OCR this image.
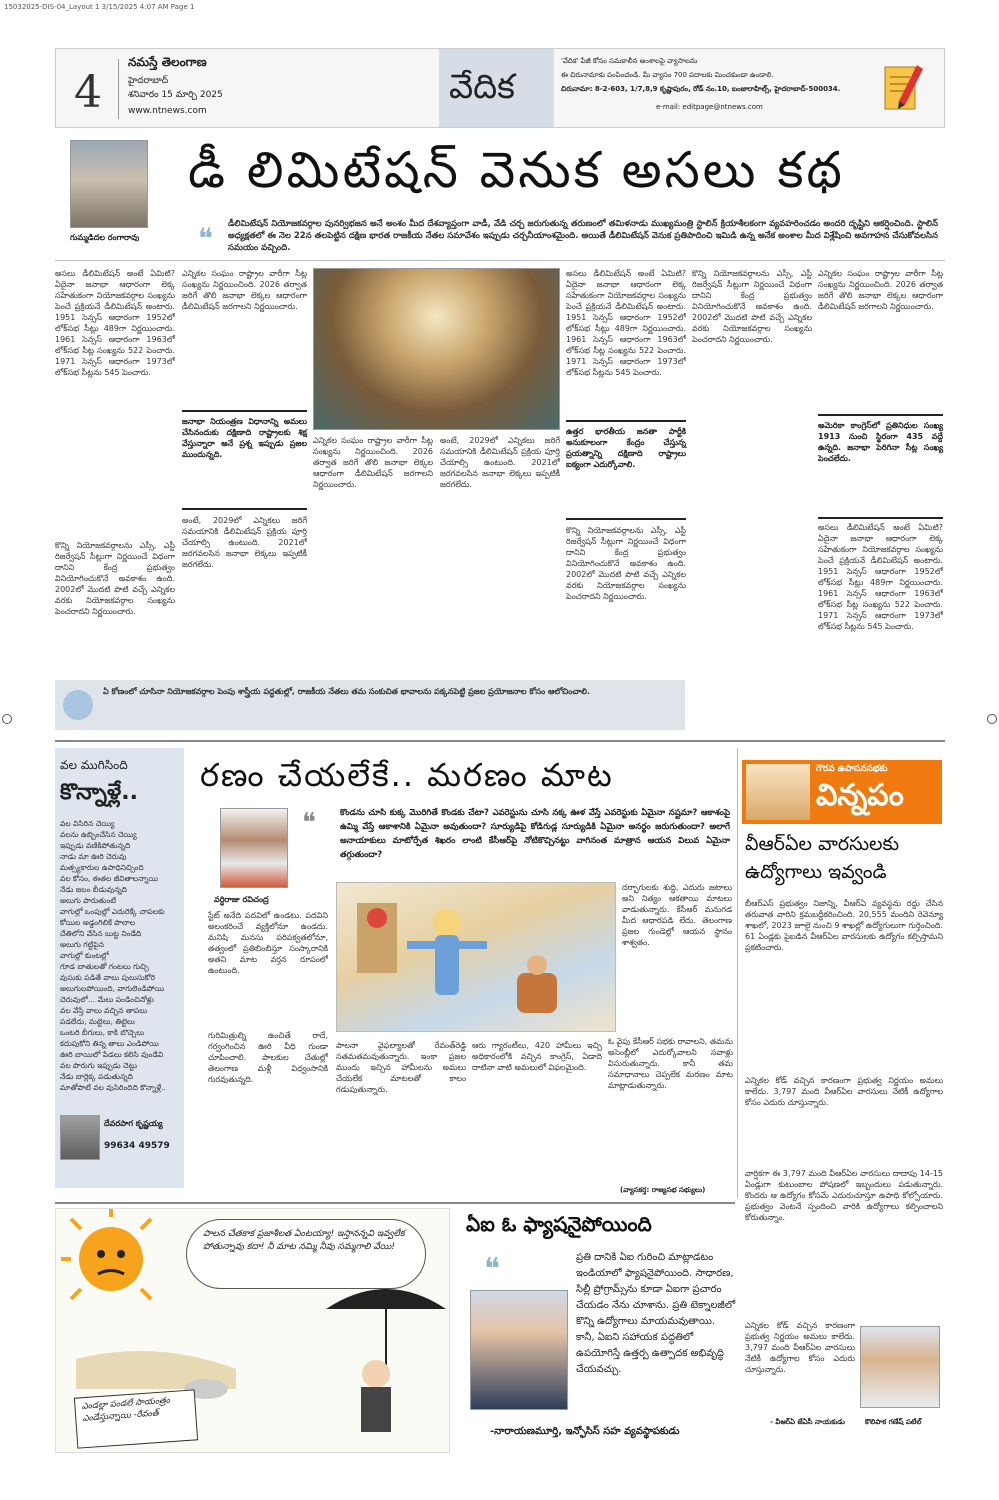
15032025-DIS-04_Layout 1 3/15/2025 4:07 AM Page 1
4
నమస్తే తెలంగాణ
హైదరాబాద్
శనివారం 15 మార్చి 2025
www.ntnews.com
వేదిక
'వేదిక' పేజీ కోసం సమకాలీన అంశాలపై వ్యాసాలను
ఈ చిరునామాకు పంపించండి. మీ వ్యాసం 700 పదాలకు మించకుండా ఉండాలి.
చిరునామా: 8-2-603, 1/7,8,9 కృష్ణాపురం, రోడ్ నం.10, బంజారాహిల్స్, హైదరాబాద్-500034.
e-mail: editpage@ntnews.com
గుమ్మడిదల రంగారావు
డీ లిమిటేషన్ వెనుక అసలు కథ
❝ డీలిమిటేషన్ నియోజకవర్గాల పునర్విభజన అనే అంశం మీద దేశవ్యాప్తంగా వాడీ, వేడి చర్చ జరుగుతున్న తరుణంలో తమిళనాడు ముఖ్యమంత్రి స్టాలిన్ క్రియాశీలకంగా వ్యవహరించడం అందరి దృష్టిని ఆకర్షించింది. స్టాలిన్ అధ్యక్షతలో ఈ నెల 22న తలపెట్టిన దక్షిణ భారత రాజకీయ నేతల సమావేశం ఇప్పుడు చర్చనీయాంశమైంది. అయితే డీలిమిటేషన్ వెనుక ప్రతిపాదించి ఇమిడి ఉన్న అనేక అంశాల మీద విశ్లేషించి అవగాహన చేసుకోవలసిన సమయం వచ్చింది.
అసలు డీలిమిటేషన్ అంటే ఏమిటి? ఏదైనా జనాభా ఆధారంగా లెక్క సహేతుకంగా నియోజకవర్గాల సంఖ్యను పెంచే ప్రక్రియనే డీలిమిటేషన్ అంటారు. 1951 సెన్సస్ ఆధారంగా 1952లో లోక్‌సభ సీట్లు 489గా నిర్ణయించారు. 1961 సెన్సస్ ఆధారంగా 1963లో లోక్‌సభ సీట్ల సంఖ్యను 522 పెంచారు. 1971 సెన్సస్ ఆధారంగా 1973లో లోక్‌సభ సీట్లను 545 పెంచారు.
కొన్ని నియోజకవర్గాలను ఎస్సీ, ఎస్టీ రిజర్వేషన్ సీట్లుగా నిర్ణయించే విధంగా దానిని కేంద్ర ప్రభుత్వం వినియోగించుకొనే అవకాశం ఉంది. 2002లో మొదటి పొటి వచ్చే ఎన్నికల వరకు నియోజకవర్గాల సంఖ్యను పెంచరాదని నిర్ణయించారు.
ఎన్నికల సంఘం రాష్ట్రాల వారీగా సీట్ల సంఖ్యను నిర్ణయించింది. 2026 తర్వాత జరిగే తొలి జనాభా లెక్కల ఆధారంగా డీలిమిటేషన్ జరగాలని నిర్ణయించారు.
జనాభా నియంత్రణ విధానాన్ని అమలు చేసినందుకు దక్షిణాది రాష్ట్రాలకు శిక్ష వేస్తున్నారా అనే ప్రశ్న ఇప్పుడు ప్రజల ముందున్నది.
అంటే, 2029లో ఎన్నికలు జరిగే సమయానికి డీలిమిటేషన్ ప్రక్రియ పూర్తి చేయాల్సి ఉంటుంది. 2021లో జరగవలసిన జనాభా లెక్కలు ఇప్పటికీ జరగలేదు.
ఎన్నికల సంఘం రాష్ట్రాల వారీగా సీట్ల సంఖ్యను నిర్ణయించింది. 2026 తర్వాత జరిగే తొలి జనాభా లెక్కల ఆధారంగా డీలిమిటేషన్ జరగాలని నిర్ణయించారు.
అంటే, 2029లో ఎన్నికలు జరిగే సమయానికి డీలిమిటేషన్ ప్రక్రియ పూర్తి చేయాల్సి ఉంటుంది. 2021లో జరగవలసిన జనాభా లెక్కలు ఇప్పటికీ జరగలేదు.
అసలు డీలిమిటేషన్ అంటే ఏమిటి? ఏదైనా జనాభా ఆధారంగా లెక్క సహేతుకంగా నియోజకవర్గాల సంఖ్యను పెంచే ప్రక్రియనే డీలిమిటేషన్ అంటారు. 1951 సెన్సస్ ఆధారంగా 1952లో లోక్‌సభ సీట్లు 489గా నిర్ణయించారు. 1961 సెన్సస్ ఆధారంగా 1963లో లోక్‌సభ సీట్ల సంఖ్యను 522 పెంచారు. 1971 సెన్సస్ ఆధారంగా 1973లో లోక్‌సభ సీట్లను 545 పెంచారు.
ఉత్తర భారతీయ జనతా పార్టీకి అనుకూలంగా కేంద్రం చేస్తున్న ప్రయత్నాన్ని దక్షిణాది రాష్ట్రాలు ఐక్యంగా ఎదుర్కోవాలి.
కొన్ని నియోజకవర్గాలను ఎస్సీ, ఎస్టీ రిజర్వేషన్ సీట్లుగా నిర్ణయించే విధంగా దానిని కేంద్ర ప్రభుత్వం వినియోగించుకొనే అవకాశం ఉంది. 2002లో మొదటి పొటి వచ్చే ఎన్నికల వరకు నియోజకవర్గాల సంఖ్యను పెంచరాదని నిర్ణయించారు.
కొన్ని నియోజకవర్గాలను ఎస్సీ, ఎస్టీ రిజర్వేషన్ సీట్లుగా నిర్ణయించే విధంగా దానిని కేంద్ర ప్రభుత్వం వినియోగించుకొనే అవకాశం ఉంది. 2002లో మొదటి పొటి వచ్చే ఎన్నికల వరకు నియోజకవర్గాల సంఖ్యను పెంచరాదని నిర్ణయించారు.
ఎన్నికల సంఘం రాష్ట్రాల వారీగా సీట్ల సంఖ్యను నిర్ణయించింది. 2026 తర్వాత జరిగే తొలి జనాభా లెక్కల ఆధారంగా డీలిమిటేషన్ జరగాలని నిర్ణయించారు.
అమెరికా కాంగ్రెస్‌లో ప్రతినిధుల సంఖ్య 1913 నుంచి స్థిరంగా 435 వద్దే ఉన్నది. జనాభా పెరిగినా సీట్ల సంఖ్య పెంచలేదు.
అసలు డీలిమిటేషన్ అంటే ఏమిటి? ఏదైనా జనాభా ఆధారంగా లెక్క సహేతుకంగా నియోజకవర్గాల సంఖ్యను పెంచే ప్రక్రియనే డీలిమిటేషన్ అంటారు. 1951 సెన్సస్ ఆధారంగా 1952లో లోక్‌సభ సీట్లు 489గా నిర్ణయించారు. 1961 సెన్సస్ ఆధారంగా 1963లో లోక్‌సభ సీట్ల సంఖ్యను 522 పెంచారు. 1971 సెన్సస్ ఆధారంగా 1973లో లోక్‌సభ సీట్లను 545 పెంచారు.
ఏ కోణంలో చూసినా నియోజకవర్గాల పెంపు శాస్త్రీయ పద్ధతుల్లో, రాజకీయ నేతలు తమ సంకుచిత భావాలను పక్కనపెట్టి ప్రజల ప్రయోజనాల కోసం ఆలోచించాలి.
వల ముగిసింది
కొన్నాళ్లే..
వల విసిరిన చెయ్యి
వలను ఉబ్బించేసిన చెయ్యి
ఇప్పుడు వణికిపోతున్నది
నాడు మా ఊరి చెరువు
మత్స్యకారుల ఉపాధినిచ్చింది
వల కోసం, ఈతల జీవితాలన్నాయి
నేడు జలం బీడువున్నది
అలుగు పారుతుంటే
వాగుల్లో ఒంపుల్లో ఎదురెక్కే చాపలకు
కోయిల అడ్డంగిలికే పొలాల
చేతిలోని వేసిన బుట్ట నిండేది
అలుగు గట్టిపైన
వాగుల్లో కుంటల్లో
గూడ బాతులతో గంటలు గుచ్చి
వుసుకు పడితే వాలు పులుసుకోరె
అలుగులపోయింది, వాగులెండిపోయి
చెరువులో... మేలు పండించినోళ్లు
వల వేస్తే వాలు వచ్చిన తాపలు
పడలేదు, మట్టెలు, తిట్టెలు
ఒంటరి బీగులు, కాకి బొచ్చెలు
కదుపుకోని తిన్న తాలు ఎండిపోయి
ఊరి బాయిలో పేడలు కలిసి వుండేవి
వల పొరుగు ఇప్పుడు చెట్టు
నేడు బార్లెక్క పడుతున్నది
మాతోపాటే వల వుసిరిందిది కొన్నాళ్లే..
దేవరపాగ కృష్ణయ్య
99634 49579
రణం చేయలేకే.. మరణం మాట
వర్ధిరాజు రవిచంద్ర
❝	కొండను చూసి కుక్క మొరిగితే కొండకు చేటా? ఎవరెస్టును చూసి నక్క ఊళ వేస్తే ఎవరెస్టుకు ఏమైనా నష్టమా? ఆకాశంపై ఉమ్మి వేస్తే ఆకాశానికి ఏమైనా అవుతుందా? సూర్యుడిపై కోడిగుడ్ల సూర్యుడికి ఏమైనా అనర్థం జరుగుతుందా? అలాగే అనాయాకులు మాటోర్పేత శిఖరం లాంటి కేసీఆర్‌పై నోటికొచ్చినట్టు వాగినంత మాత్రాన ఆయన విలువ ఏమైనా తగ్గుతుందా?
స్టేట్ అనేది పదవిలో ఉండటు. పదవిని అలంకరించే వ్యక్తిలోనూ ఉండదు. మనిషి మనసు పరిపక్వతలోనూ, తత్వంలో ప్రతిబింబిస్తూ సంస్కారానికి అతని మాట వర్తన రూపంలో ఉంటుంది.
దర్భాగులకు శుద్ధి, ఎదురు జటాలు అని నిత్యం ఆకతాయి మాటలు వాడుతున్నారు. కేసీఆర్ మనుగడ మీద ఆధారపడి లేదు. తెలంగాణ ప్రజల గుండెల్లో ఆయన స్థానం శాశ్వతం.
గురిమిత్రుల్ని ఉంచితే రాదే, గర్వంగించిన ఊరి వీధి గుండా చూపించాలి. పాలకుల చేతుల్లో తెలంగాణ మళ్లీ విధ్వంసానికి గురవుతున్నది.
పాలనా వైఫల్యాలతో రేవంత్‌రెడ్డి సతమతమవుతున్నారు. ఇంకా ప్రజల ముందు ఇచ్చిన హామీలను అమలు చేయలేక మాటలతో కాలం గడుపుతున్నారు.
ఆరు గ్యారంటీలు, 420 హామీలు ఇచ్చి అధికారంలోకి వచ్చిన కాంగ్రెస్, ఏడాది దాటినా వాటి అమలులో విఫలమైంది.
ఓ వైపు కేసీఆర్ సభకు రావాలని, తమను అసెంబ్లీలో ఎదుర్కోవాలని సవాళ్లు విసురుతున్నారు. కానీ తమ సమాధానాలు చెప్పలేక మరణం మాట మాట్లాడుతున్నారు.
(వ్యాసకర్త: రాజ్యసభ సభ్యులు)
పాలన చేతకాక ప్రజాశీలత ఏంటయ్యా! ఇస్తానన్నవి ఇవ్వలేక పోతున్నావు కదా! నీ మాట నమ్మి నీవు సమ్మగాలి వేయి!
ఎండల్లా పండలే సాయంత్రం ఎండేస్తున్నాయి -రేవంత్
ఏఐ ఓ ఫ్యాషనైపోయింది
❝	ప్రతి దానికి ఏఐ గురించి మాట్లాడటం ఇండియాలో ఫ్యాషనైపోయింది. సాధారణ, సిల్లీ ప్రోగ్రామ్స్‌ను కూడా ఏఐగా ప్రచారం చేయడం నేను చూశాను. ప్రతి టెక్నాలజీలో కొన్ని ఉద్యోగాలు మాయమవుతాయి. కానీ, ఏఐని సహాయక పద్ధతిలో ఉపయోగిస్తే ఉత్తర్ప ఉత్పాదక అభివృద్ధి చేయవచ్చు.
-నారాయణమూర్తి, ఇన్ఫోసిస్ సహ వ్యవస్థాపకుడు
గౌరవ ఉపాసనసభకు
విన్నపం
వీఆర్‌ఏల వారసులకు ఉద్యోగాలు ఇవ్వండి
బీఆర్‌ఎస్ ప్రభుత్వం నిజాన్ని, వీఆర్‌ఏ వ్యవస్థను రద్దు చేసిన తరువాత వారిని క్రమబద్ధీకరించింది. 20,555 మందిని రెవెన్యూ శాఖలో, 2023 జూలై నుంచి 9 శాఖల్లో ఉద్యోగులుగా గుర్తించింది. 61 ఏండ్లకు పైబడిన వీఆర్‌ఏల వారసులకు ఉద్యోగం కల్పిస్తామని ప్రకటించారు.
ఎన్నికల కోడ్ వచ్చిన కారణంగా ప్రభుత్వ నిర్ణయం అమలు కాలేదు. 3,797 మంది వీఆర్‌ఏల వారసులు నేటికీ ఉద్యోగాల కోసం ఎదురు చూస్తున్నారు.
వార్షికగా ఈ 3,797 మంది వీఆర్‌ఏల వారసులు దాదాపు 14-15 ఏండ్లుగా కుటుంబాల పోషణలో ఇబ్బందులు పడుతున్నారు. కొందరు ఆ ఉద్యోగం కోసమే ఎదురుచూస్తూ ఉపాధి కోల్పోయారు. ప్రభుత్వం వెంటనే స్పందించి వారికి ఉద్యోగాలు కల్పించాలని కోరుతున్నాం.
ఎన్నికల కోడ్ వచ్చిన కారణంగా ప్రభుత్వ నిర్ణయం అమలు కాలేదు. 3,797 మంది వీఆర్‌ఏల వారసులు నేటికీ ఉద్యోగాల కోసం ఎదురు చూస్తున్నారు.
- వీఆర్‌ఏ జేఏసీ నాయకుడు	కొలిపాక గణేష్ పటేల్
